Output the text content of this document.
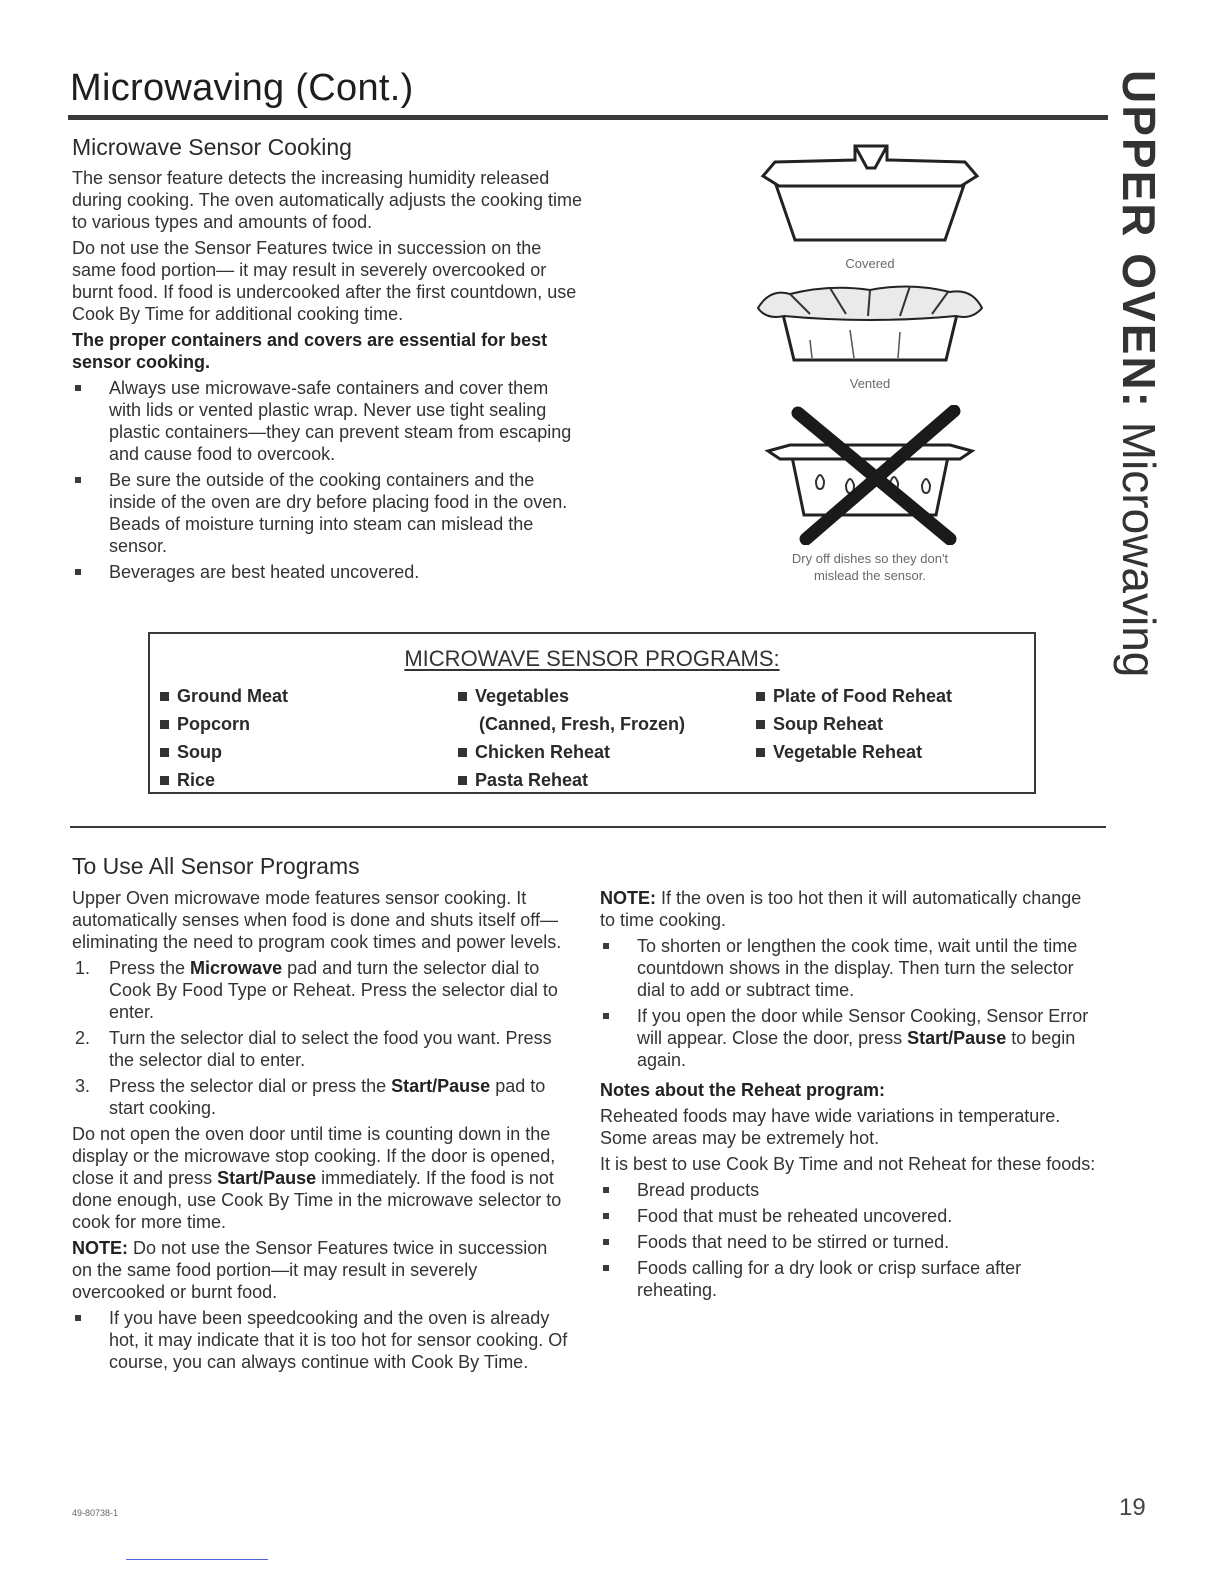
Microwaving (Cont.)	UPPER OVEN: Microwaving
Microwave Sensor Cooking

The sensor feature detects the increasing humidity released during cooking. The oven automatically adjusts the cooking time to various types and amounts of food.

Do not use the Sensor Features twice in succession on the same food portion— it may result in severely overcooked or burnt food. If food is undercooked after the first countdown, use Cook By Time for additional cooking time.

The proper containers and covers are essential for best sensor cooking.

Always use microwave-safe containers and cover them with lids or vented plastic wrap. Never use tight sealing plastic containers—they can prevent steam from escaping and cause food to overcook.
Be sure the outside of the cooking containers and the inside of the oven are dry before placing food in the oven. Beads of moisture turning into steam can mislead the sensor.
Beverages are best heated uncovered.
Covered
Vented
Dry off dishes so they don't
mislead the sensor.
MICROWAVE SENSOR PROGRAMS:
Ground Meat
Popcorn
Soup
Rice
Vegetables
(Canned, Fresh, Frozen)
Chicken Reheat
Pasta Reheat
Plate of Food Reheat
Soup Reheat
Vegetable Reheat
To Use All Sensor Programs

Upper Oven microwave mode features sensor cooking. It automatically senses when food is done and shuts itself off—eliminating the need to program cook times and power levels.

1. Press the Microwave pad and turn the selector dial to Cook By Food Type or Reheat. Press the selector dial to enter.
2. Turn the selector dial to select the food you want. Press the selector dial to enter.
3. Press the selector dial or press the Start/Pause pad to start cooking.

Do not open the oven door until time is counting down in the display or the microwave stop cooking. If the door is opened, close it and press Start/Pause immediately. If the food is not done enough, use Cook By Time in the microwave selector to cook for more time.

NOTE: Do not use the Sensor Features twice in succession on the same food portion—it may result in severely overcooked or burnt food.

If you have been speedcooking and the oven is already hot, it may indicate that it is too hot for sensor cooking. Of course, you can always continue with Cook By Time.

NOTE: If the oven is too hot then it will automatically change to time cooking.

To shorten or lengthen the cook time, wait until the time countdown shows in the display. Then turn the selector dial to add or subtract time.
If you open the door while Sensor Cooking, Sensor Error will appear. Close the door, press Start/Pause to begin again.

Notes about the Reheat program:

Reheated foods may have wide variations in temperature. Some areas may be extremely hot.

It is best to use Cook By Time and not Reheat for these foods:

Bread products
Food that must be reheated uncovered.
Foods that need to be stirred or turned.
Foods calling for a dry look or crisp surface after reheating.
49-80738-1	19
